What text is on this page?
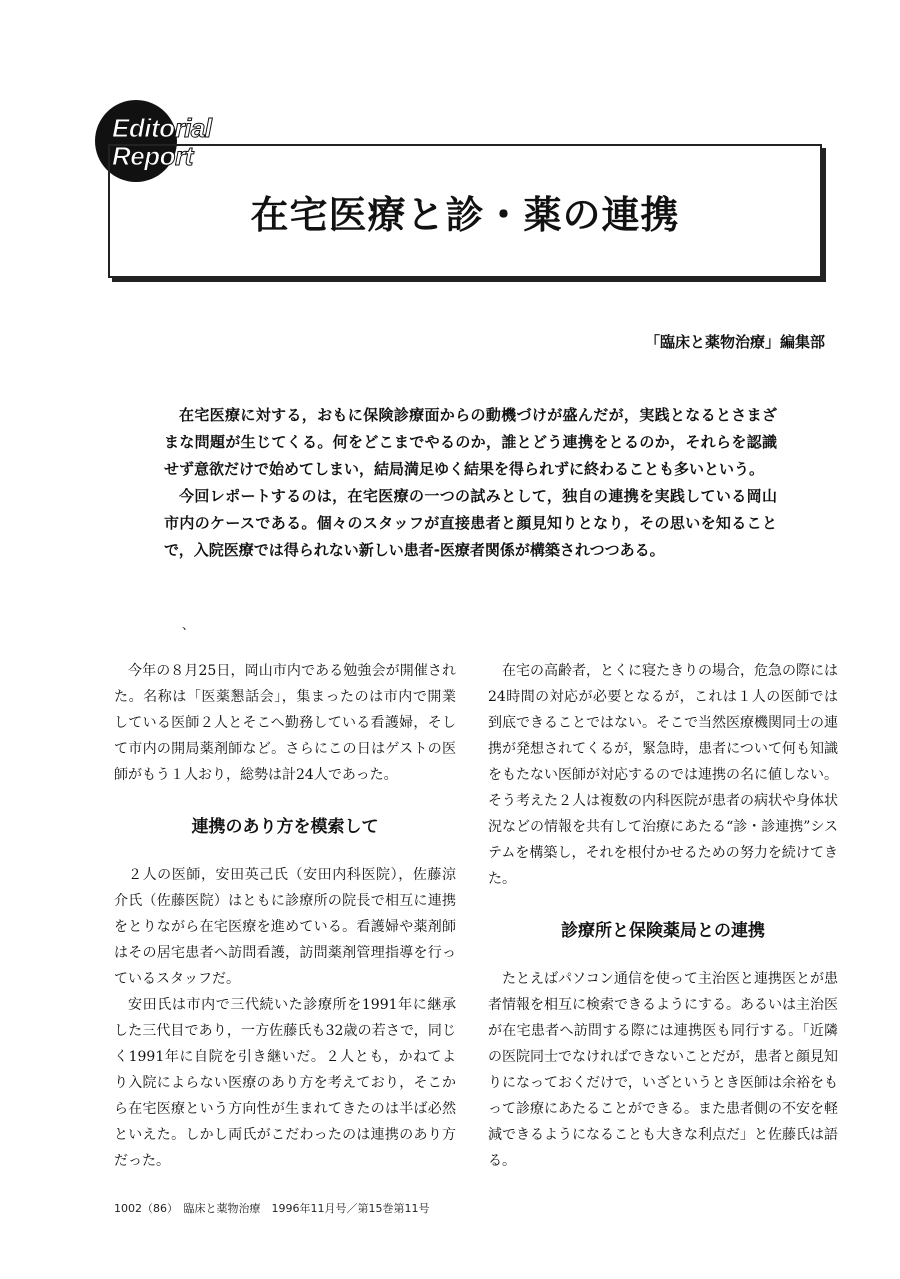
Editorial
Report
在宅医療と診・薬の連携
「臨床と薬物治療」編集部

在宅医療に対する，おもに保険診療面からの動機づけが盛んだが，実践となるとさまざまな問題が生じてくる。何をどこまでやるのか，誰とどう連携をとるのか，それらを認識せず意欲だけで始めてしまい，結局満足ゆく結果を得られずに終わることも多いという。

今回レポートするのは，在宅医療の一つの試みとして，独自の連携を実践している岡山市内のケースである。個々のスタッフが直接患者と顔見知りとなり，その思いを知ることで，入院医療では得られない新しい患者-医療者関係が構築されつつある。

、

今年の８月25日，岡山市内である勉強会が開催された。名称は「医薬懇話会」，集まったのは市内で開業している医師２人とそこへ勤務している看護婦，そして市内の開局薬剤師など。さらにこの日はゲストの医師がもう１人おり，総勢は計24人であった。

連携のあり方を模索して

２人の医師，安田英己氏（安田内科医院），佐藤涼介氏（佐藤医院）はともに診療所の院長で相互に連携をとりながら在宅医療を進めている。看護婦や薬剤師はその居宅患者へ訪問看護，訪問薬剤管理指導を行っているスタッフだ。

安田氏は市内で三代続いた診療所を1991年に継承した三代目であり，一方佐藤氏も32歳の若さで，同じく1991年に自院を引き継いだ。２人とも，かねてより入院によらない医療のあり方を考えており，そこから在宅医療という方向性が生まれてきたのは半ば必然といえた。しかし両氏がこだわったのは連携のあり方だった。

在宅の高齢者，とくに寝たきりの場合，危急の際には24時間の対応が必要となるが，これは１人の医師では到底できることではない。そこで当然医療機関同士の連携が発想されてくるが，緊急時，患者について何も知識をもたない医師が対応するのでは連携の名に値しない。そう考えた２人は複数の内科医院が患者の病状や身体状況などの情報を共有して治療にあたる“診・診連携”システムを構築し，それを根付かせるための努力を続けてきた。

診療所と保険薬局との連携

たとえばパソコン通信を使って主治医と連携医とが患者情報を相互に検索できるようにする。あるいは主治医が在宅患者へ訪問する際には連携医も同行する。「近隣の医院同士でなければできないことだが，患者と顔見知りになっておくだけで，いざというとき医師は余裕をもって診療にあたることができる。また患者側の不安を軽減できるようになることも大きな利点だ」と佐藤氏は語る。

1002（86）　臨床と薬物治療　1996年11月号／第15巻第11号
